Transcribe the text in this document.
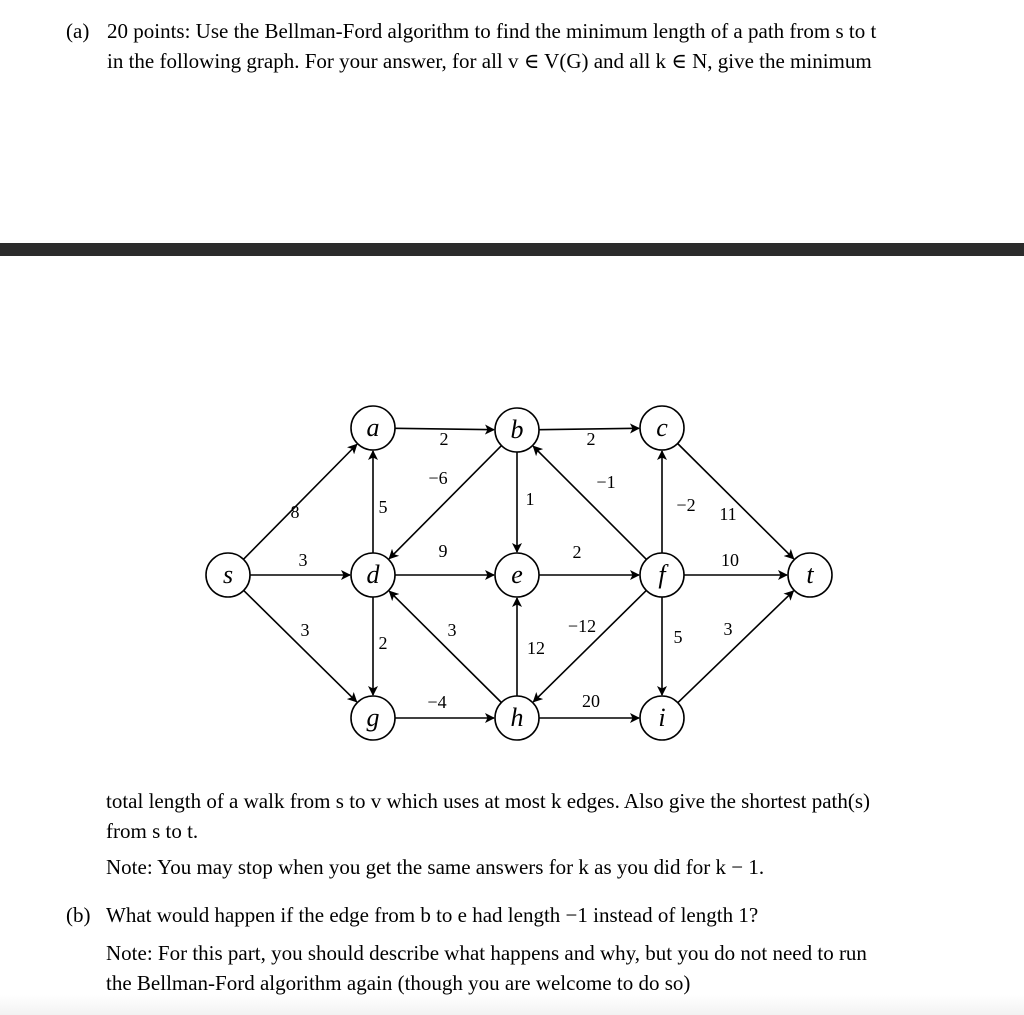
(a) 20 points: Use the Bellman-Ford algorithm to find the minimum length of a path from s to t
in the following graph. For your answer, for all v ∈ V(G) and all k ∈ N, give the minimum
8
3
3
5
2
2
−6
9
3
−4
1
12
2
−1
2
−12
20
−2 11
10
5 3
s
a
d
g
b
e
h
c
f
i
t
total length of a walk from s to v which uses at most k edges. Also give the shortest path(s)
from s to t.
Note: You may stop when you get the same answers for k as you did for k − 1.
(b) What would happen if the edge from b to e had length −1 instead of length 1?
Note: For this part, you should describe what happens and why, but you do not need to run
the Bellman-Ford algorithm again (though you are welcome to do so)
